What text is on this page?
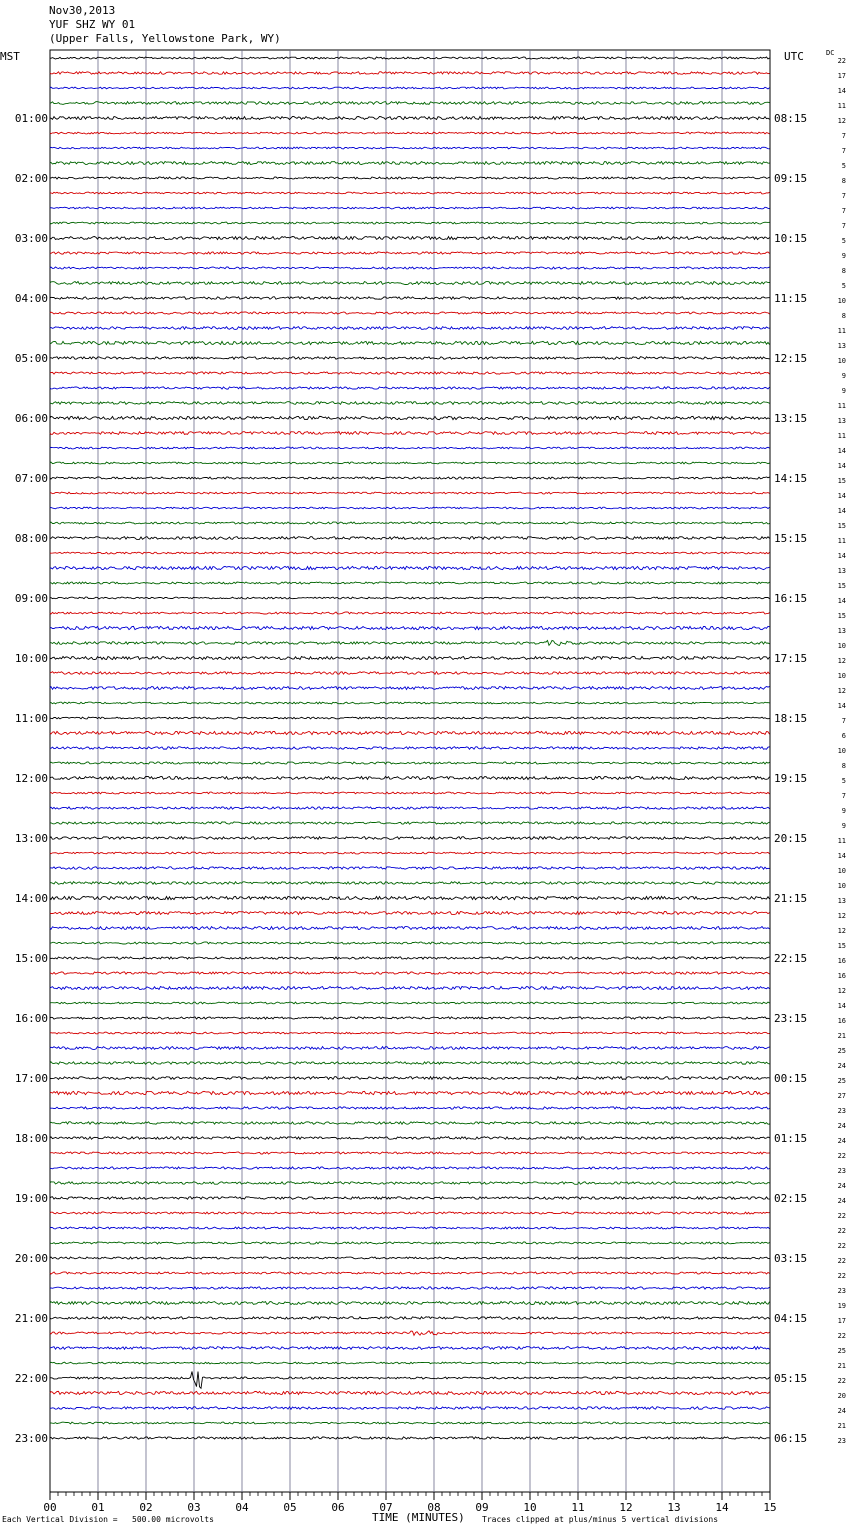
Nov30,2013
YUF SHZ WY 01
(Upper Falls, Yellowstone Park, WY)
DC
22
17
14
11
12
7
7
5
8
7
7
7
5
9
8
5
10
8
11
13
10
9
9
11
13
11
14
14
15
14
14
15
11
14
13
15
14
15
13
10
12
10
12
14
7
6
10
8
5
7
9
9
11
14
10
10
13
12
12
15
16
16
12
14
16
21
25
24
25
27
23
24
24
22
23
24
24
22
22
22
22
22
23
19
17
22
25
21
22
20
24
21
23
MST	UTC
01:00
02:00
03:00
04:00
05:00
06:00
07:00
08:00
09:00
10:00
11:00
12:00
13:00
14:00
15:00
16:00
17:00
18:00
19:00
20:00
21:00
22:00
23:00
08:15
09:15
10:15
11:15
12:15
13:15
14:15
15:15
16:15
17:15
18:15
19:15
20:15
21:15
22:15
23:15
00:15
01:15
02:15
03:15
04:15
05:15
06:15
00	01	02	03	04	05	06	07	08	09	10	11	12	13	14	15
Each Vertical Division =   500.00 microvolts	TIME (MINUTES) Traces clipped at plus/minus 5 vertical divisions
